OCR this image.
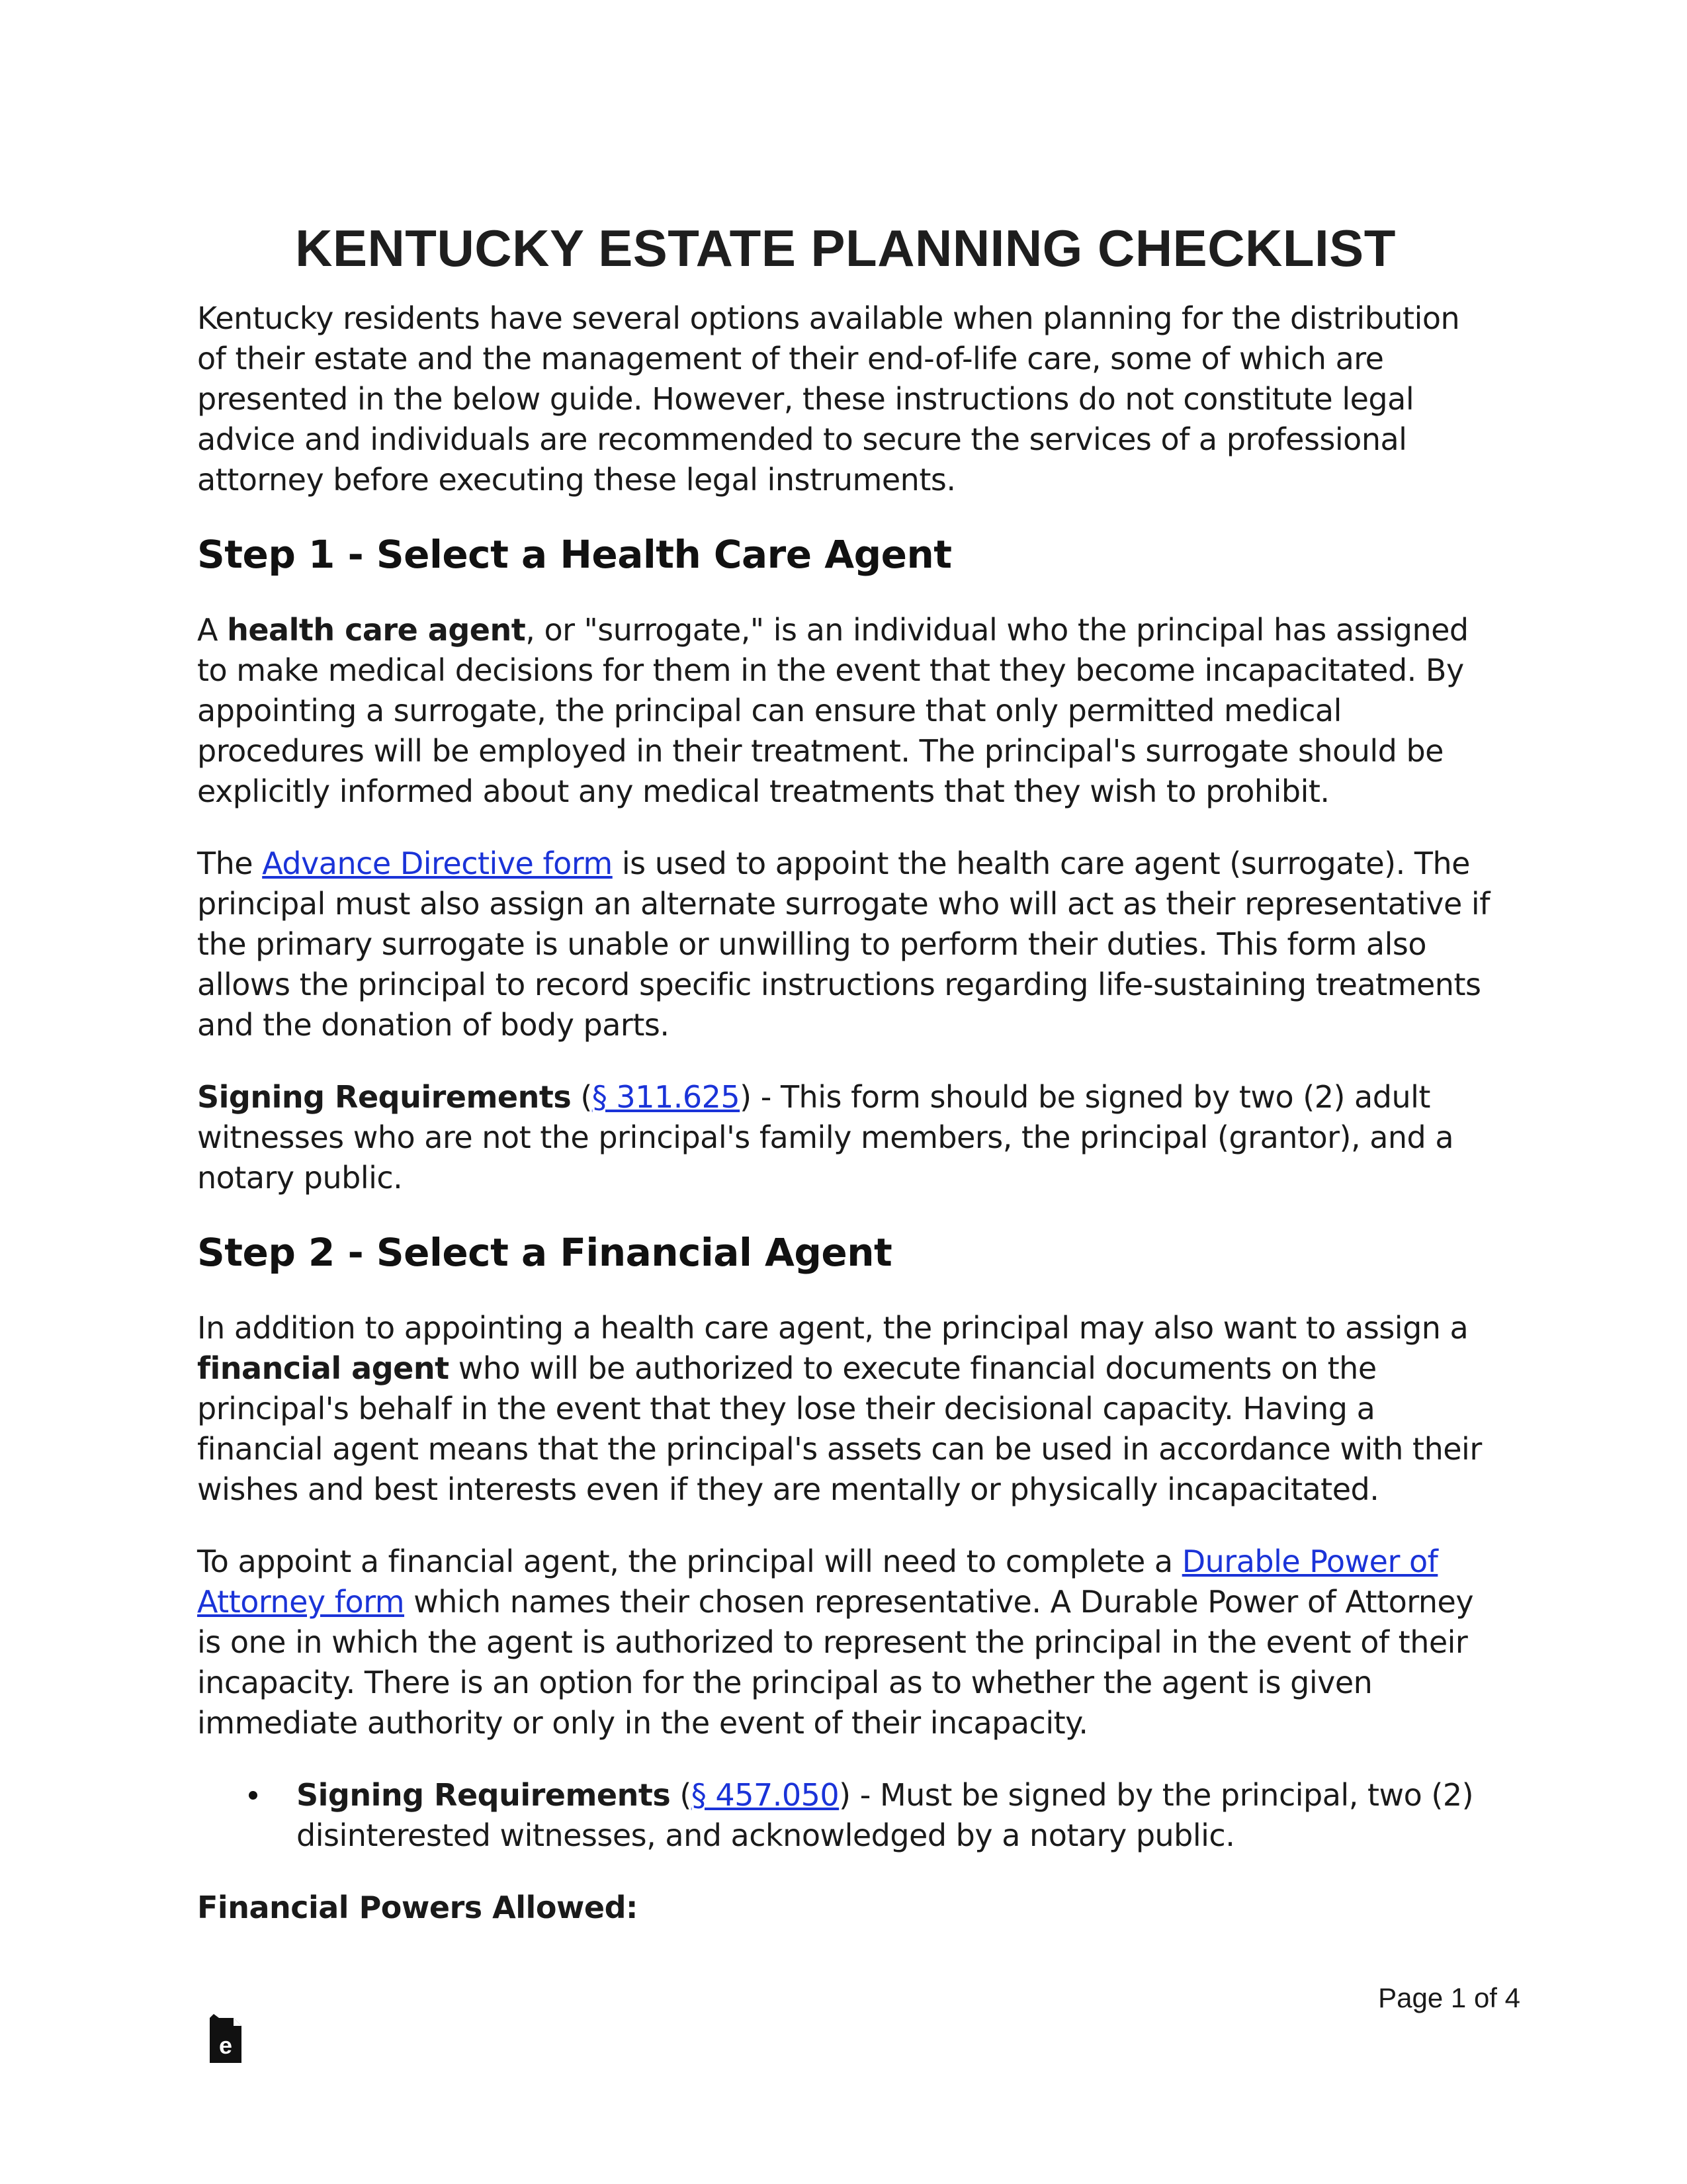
KENTUCKY ESTATE PLANNING CHECKLIST

Kentucky residents have several options available when planning for the distribution of their estate and the management of their end-of-life care, some of which are presented in the below guide. However, these instructions do not constitute legal advice and individuals are recommended to secure the services of a professional attorney before executing these legal instruments.

Step 1 - Select a Health Care Agent

A health care agent, or "surrogate," is an individual who the principal has assigned to make medical decisions for them in the event that they become incapacitated. By appointing a surrogate, the principal can ensure that only permitted medical procedures will be employed in their treatment. The principal's surrogate should be explicitly informed about any medical treatments that they wish to prohibit.

The Advance Directive form is used to appoint the health care agent (surrogate). The principal must also assign an alternate surrogate who will act as their representative if the primary surrogate is unable or unwilling to perform their duties. This form also allows the principal to record specific instructions regarding life-sustaining treatments and the donation of body parts.

Signing Requirements (§ 311.625) - This form should be signed by two (2) adult witnesses who are not the principal's family members, the principal (grantor), and a notary public.

Step 2 - Select a Financial Agent

In addition to appointing a health care agent, the principal may also want to assign a financial agent who will be authorized to execute financial documents on the principal's behalf in the event that they lose their decisional capacity. Having a financial agent means that the principal's assets can be used in accordance with their wishes and best interests even if they are mentally or physically incapacitated.

To appoint a financial agent, the principal will need to complete a Durable Power of Attorney form which names their chosen representative. A Durable Power of Attorney is one in which the agent is authorized to represent the principal in the event of their incapacity. There is an option for the principal as to whether the agent is given immediate authority or only in the event of their incapacity.

Signing Requirements (§ 457.050) - Must be signed by the principal, two (2) disinterested witnesses, and acknowledged by a notary public.

Financial Powers Allowed:

Page 1 of 4
e
